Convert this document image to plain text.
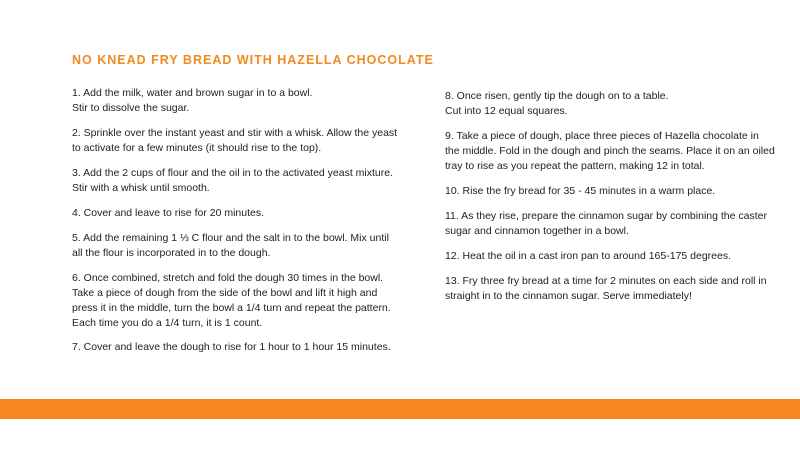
NO KNEAD FRY BREAD WITH HAZELLA CHOCOLATE

1. Add the milk, water and brown sugar in to a bowl.
Stir to dissolve the sugar.

2. Sprinkle over the instant yeast and stir with a whisk. Allow the yeast to activate for a few minutes (it should rise to the top).

3. Add the 2 cups of flour and the oil in to the activated yeast mixture. Stir with a whisk until smooth.

4. Cover and leave to rise for 20 minutes.

5. Add the remaining 1 ⅓ C flour and the salt in to the bowl. Mix until all the flour is incorporated in to the dough.

6. Once combined, stretch and fold the dough 30 times in the bowl. Take a piece of dough from the side of the bowl and lift it high and press it in the middle, turn the bowl a 1/4 turn and repeat the pattern. Each time you do a 1/4 turn, it is 1 count.

7. Cover and leave the dough to rise for 1 hour to 1 hour 15 minutes.

8. Once risen, gently tip the dough on to a table.
Cut into 12 equal squares.

9. Take a piece of dough, place three pieces of Hazella chocolate in the middle. Fold in the dough and pinch the seams. Place it on an oiled tray to rise as you repeat the pattern, making 12 in total.

10. Rise the fry bread for 35 - 45 minutes in a warm place.

11. As they rise, prepare the cinnamon sugar by combining the caster sugar and cinnamon together in a bowl.

12. Heat the oil in a cast iron pan to around 165-175 degrees.

13. Fry three fry bread at a time for 2 minutes on each side and roll in straight in to the cinnamon sugar. Serve immediately!
